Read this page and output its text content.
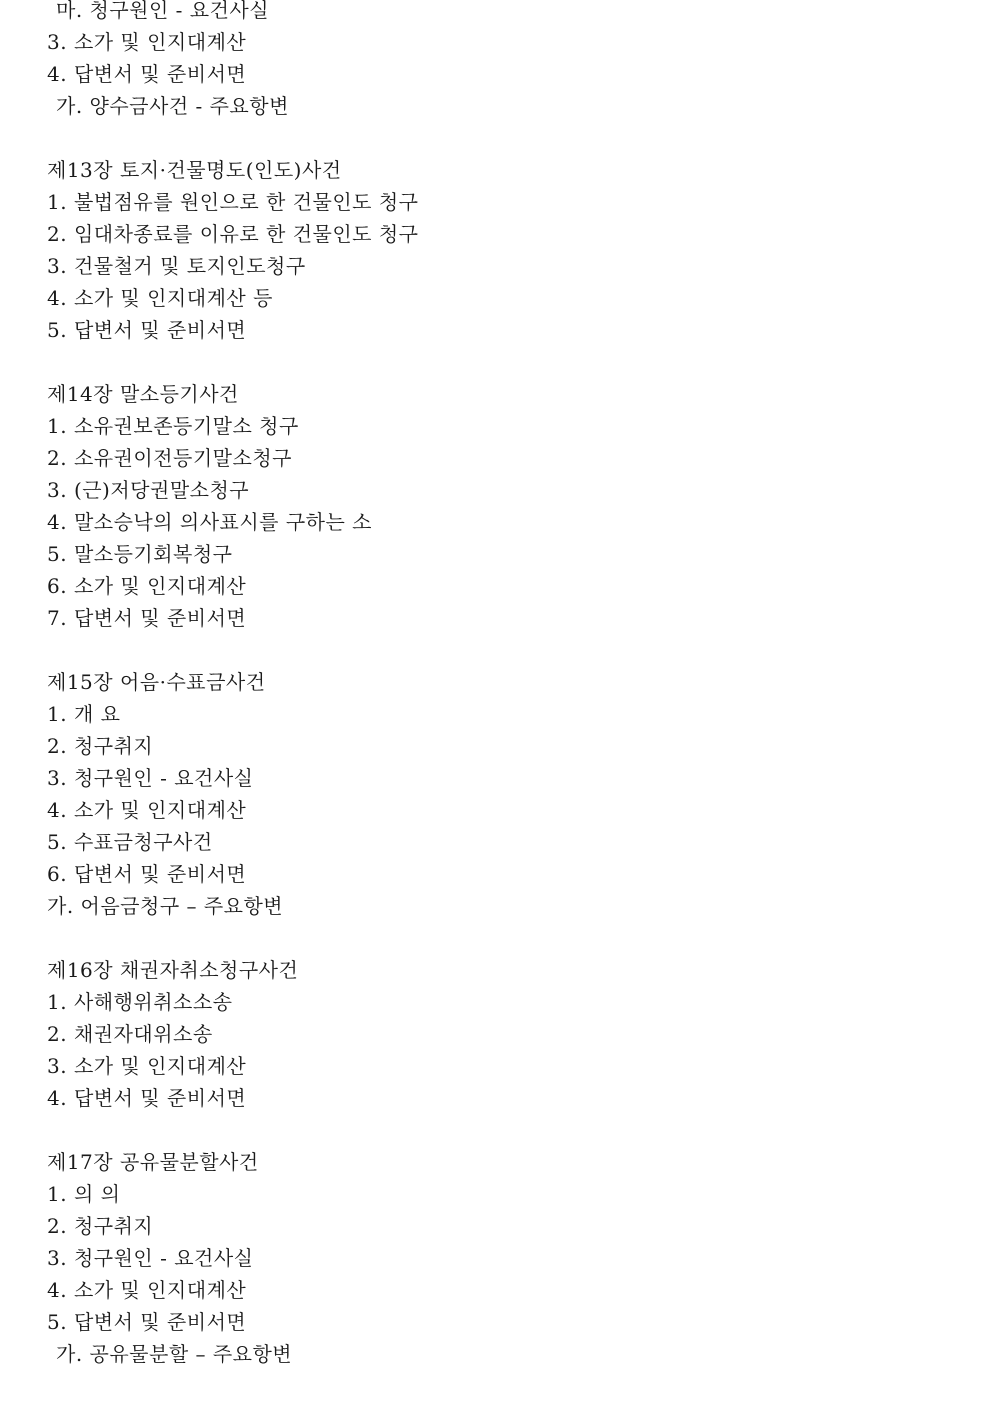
마. 청구원인 - 요건사실
3. 소가 및 인지대계산
4. 답변서 및 준비서면
가. 양수금사건 - 주요항변
제13장 토지·건물명도(인도)사건
1. 불법점유를 원인으로 한 건물인도 청구
2. 임대차종료를 이유로 한 건물인도 청구
3. 건물철거 및 토지인도청구
4. 소가 및 인지대계산 등
5. 답변서 및 준비서면
제14장 말소등기사건
1. 소유권보존등기말소 청구
2. 소유권이전등기말소청구
3. (근)저당권말소청구
4. 말소승낙의 의사표시를 구하는 소
5. 말소등기회복청구
6. 소가 및 인지대계산
7. 답변서 및 준비서면
제15장 어음·수표금사건
1. 개 요
2. 청구취지
3. 청구원인 - 요건사실
4. 소가 및 인지대계산
5. 수표금청구사건
6. 답변서 및 준비서면
가. 어음금청구 – 주요항변
제16장 채권자취소청구사건
1. 사해행위취소소송
2. 채권자대위소송
3. 소가 및 인지대계산
4. 답변서 및 준비서면
제17장 공유물분할사건
1. 의 의
2. 청구취지
3. 청구원인 - 요건사실
4. 소가 및 인지대계산
5. 답변서 및 준비서면
가. 공유물분할 – 주요항변
